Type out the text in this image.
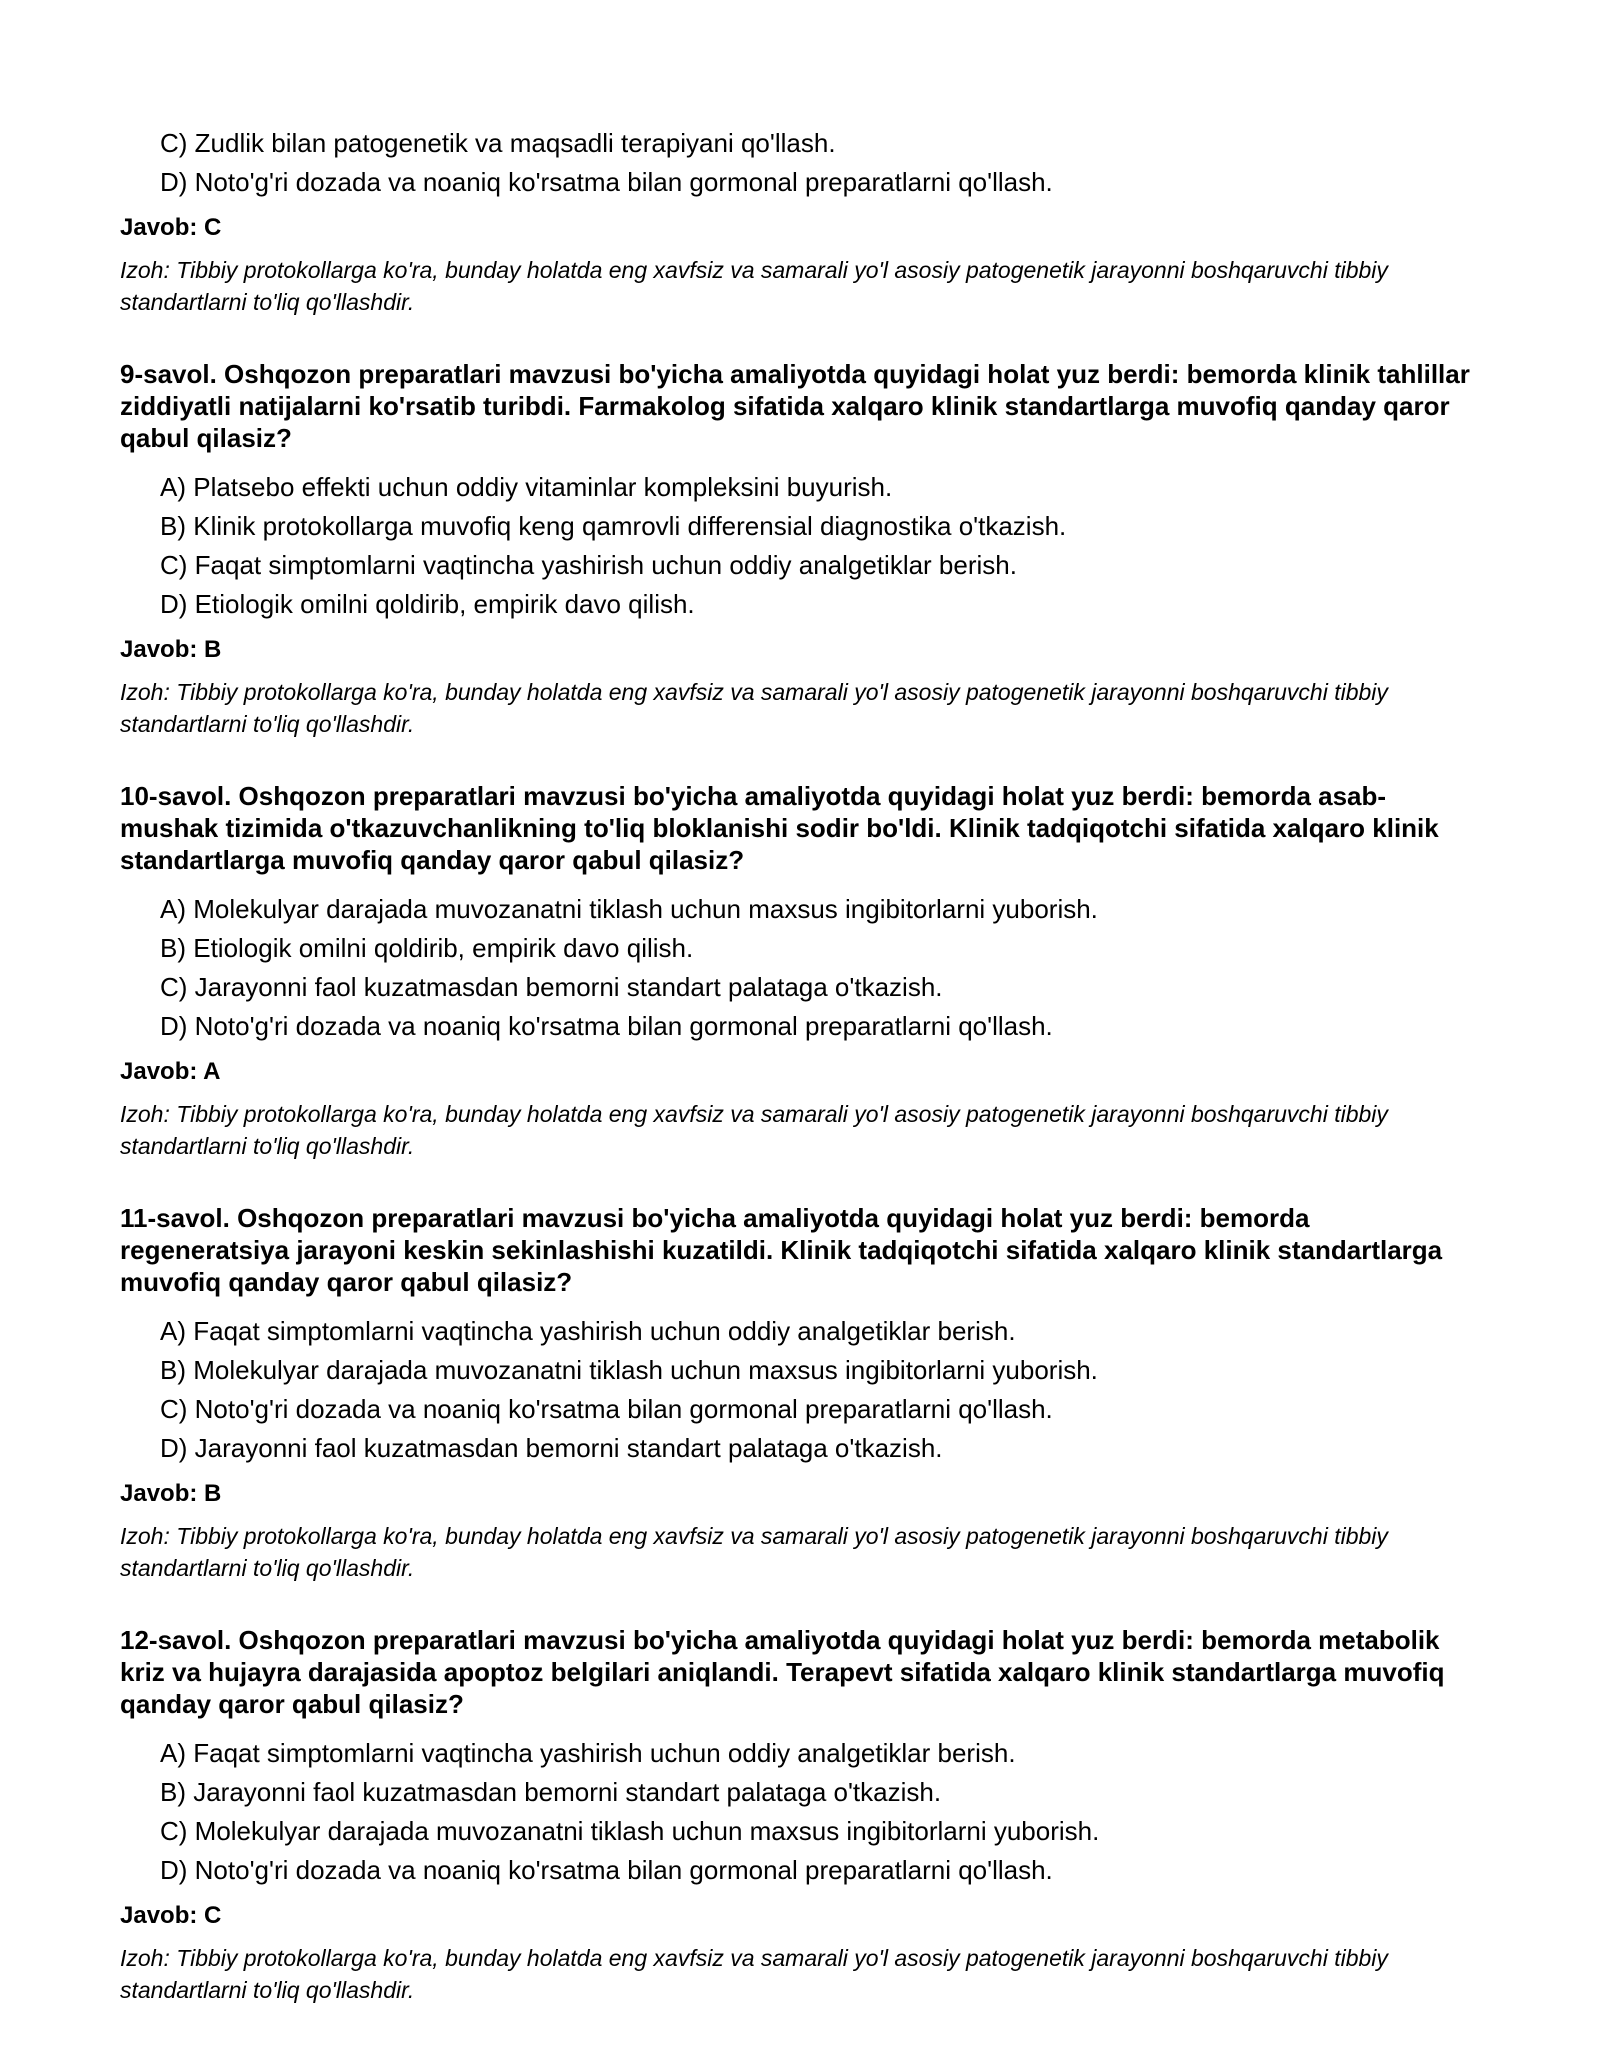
C) Zudlik bilan patogenetik va maqsadli terapiyani qo'llash.
D) Noto'g'ri dozada va noaniq ko'rsatma bilan gormonal preparatlarni qo'llash.
Javob: C
Izoh: Tibbiy protokollarga ko'ra, bunday holatda eng xavfsiz va samarali yo'l asosiy patogenetik jarayonni boshqaruvchi tibbiy standartlarni to'liq qo'llashdir.
9-savol. Oshqozon preparatlari mavzusi bo'yicha amaliyotda quyidagi holat yuz berdi: bemorda klinik tahlillar ziddiyatli natijalarni ko'rsatib turibdi. Farmakolog sifatida xalqaro klinik standartlarga muvofiq qanday qaror qabul qilasiz?
A) Platsebo effekti uchun oddiy vitaminlar kompleksini buyurish.
B) Klinik protokollarga muvofiq keng qamrovli differensial diagnostika o'tkazish.
C) Faqat simptomlarni vaqtincha yashirish uchun oddiy analgetiklar berish.
D) Etiologik omilni qoldirib, empirik davo qilish.
Javob: B
Izoh: Tibbiy protokollarga ko'ra, bunday holatda eng xavfsiz va samarali yo'l asosiy patogenetik jarayonni boshqaruvchi tibbiy standartlarni to'liq qo'llashdir.
10-savol. Oshqozon preparatlari mavzusi bo'yicha amaliyotda quyidagi holat yuz berdi: bemorda asab-mushak tizimida o'tkazuvchanlikning to'liq bloklanishi sodir bo'ldi. Klinik tadqiqotchi sifatida xalqaro klinik standartlarga muvofiq qanday qaror qabul qilasiz?
A) Molekulyar darajada muvozanatni tiklash uchun maxsus ingibitorlarni yuborish.
B) Etiologik omilni qoldirib, empirik davo qilish.
C) Jarayonni faol kuzatmasdan bemorni standart palataga o'tkazish.
D) Noto'g'ri dozada va noaniq ko'rsatma bilan gormonal preparatlarni qo'llash.
Javob: A
Izoh: Tibbiy protokollarga ko'ra, bunday holatda eng xavfsiz va samarali yo'l asosiy patogenetik jarayonni boshqaruvchi tibbiy standartlarni to'liq qo'llashdir.
11-savol. Oshqozon preparatlari mavzusi bo'yicha amaliyotda quyidagi holat yuz berdi: bemorda regeneratsiya jarayoni keskin sekinlashishi kuzatildi. Klinik tadqiqotchi sifatida xalqaro klinik standartlarga muvofiq qanday qaror qabul qilasiz?
A) Faqat simptomlarni vaqtincha yashirish uchun oddiy analgetiklar berish.
B) Molekulyar darajada muvozanatni tiklash uchun maxsus ingibitorlarni yuborish.
C) Noto'g'ri dozada va noaniq ko'rsatma bilan gormonal preparatlarni qo'llash.
D) Jarayonni faol kuzatmasdan bemorni standart palataga o'tkazish.
Javob: B
Izoh: Tibbiy protokollarga ko'ra, bunday holatda eng xavfsiz va samarali yo'l asosiy patogenetik jarayonni boshqaruvchi tibbiy standartlarni to'liq qo'llashdir.
12-savol. Oshqozon preparatlari mavzusi bo'yicha amaliyotda quyidagi holat yuz berdi: bemorda metabolik kriz va hujayra darajasida apoptoz belgilari aniqlandi. Terapevt sifatida xalqaro klinik standartlarga muvofiq qanday qaror qabul qilasiz?
A) Faqat simptomlarni vaqtincha yashirish uchun oddiy analgetiklar berish.
B) Jarayonni faol kuzatmasdan bemorni standart palataga o'tkazish.
C) Molekulyar darajada muvozanatni tiklash uchun maxsus ingibitorlarni yuborish.
D) Noto'g'ri dozada va noaniq ko'rsatma bilan gormonal preparatlarni qo'llash.
Javob: C
Izoh: Tibbiy protokollarga ko'ra, bunday holatda eng xavfsiz va samarali yo'l asosiy patogenetik jarayonni boshqaruvchi tibbiy standartlarni to'liq qo'llashdir.
